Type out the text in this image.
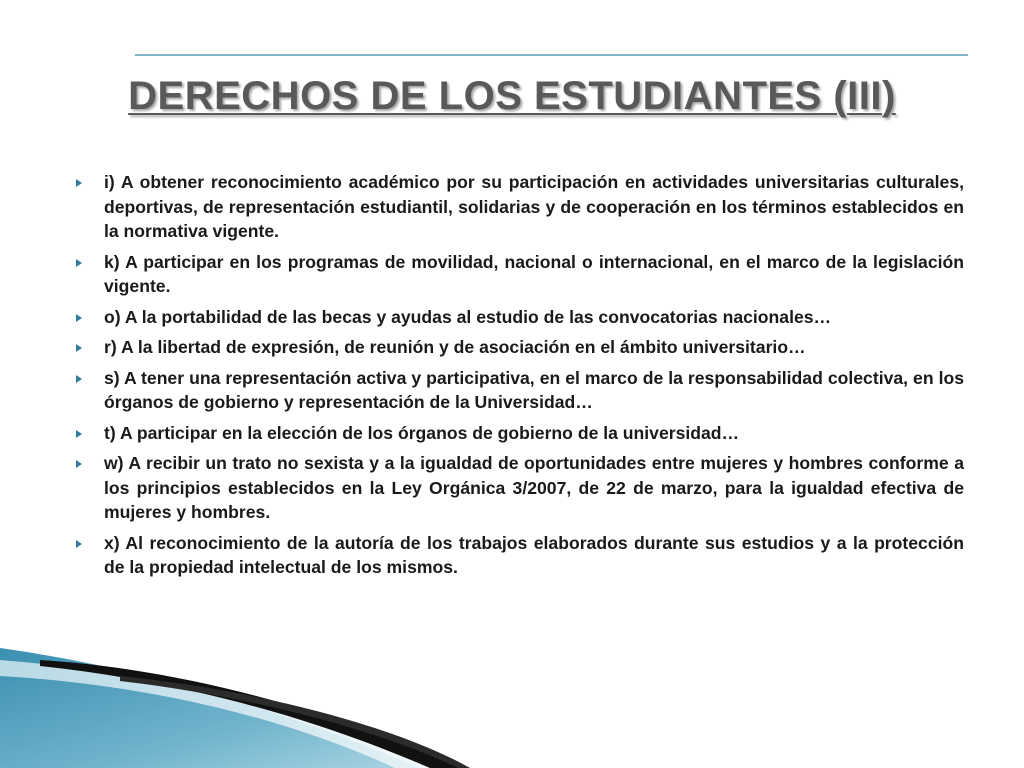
DERECHOS DE LOS ESTUDIANTES (III)
i) A obtener reconocimiento académico por su participación en actividades universitarias culturales, deportivas, de representación estudiantil, solidarias y de cooperación en los términos establecidos en la normativa vigente.
k) A participar en los programas de movilidad, nacional o internacional, en el marco de la legislación vigente.
o) A la portabilidad de las becas y ayudas al estudio de las convocatorias nacionales…
r) A la libertad de expresión, de reunión y de asociación en el ámbito universitario…
s) A tener una representación activa y participativa, en el marco de la responsabilidad colectiva, en los órganos de gobierno y representación de la Universidad…
t) A participar en la elección de los órganos de gobierno de la universidad…
w) A recibir un trato no sexista y a la igualdad de oportunidades entre mujeres y hombres conforme a los principios establecidos en la Ley Orgánica 3/2007, de 22 de marzo, para la igualdad efectiva de mujeres y hombres.
x) Al reconocimiento de la autoría de los trabajos elaborados durante sus estudios y a la protección de la propiedad intelectual de los mismos.
